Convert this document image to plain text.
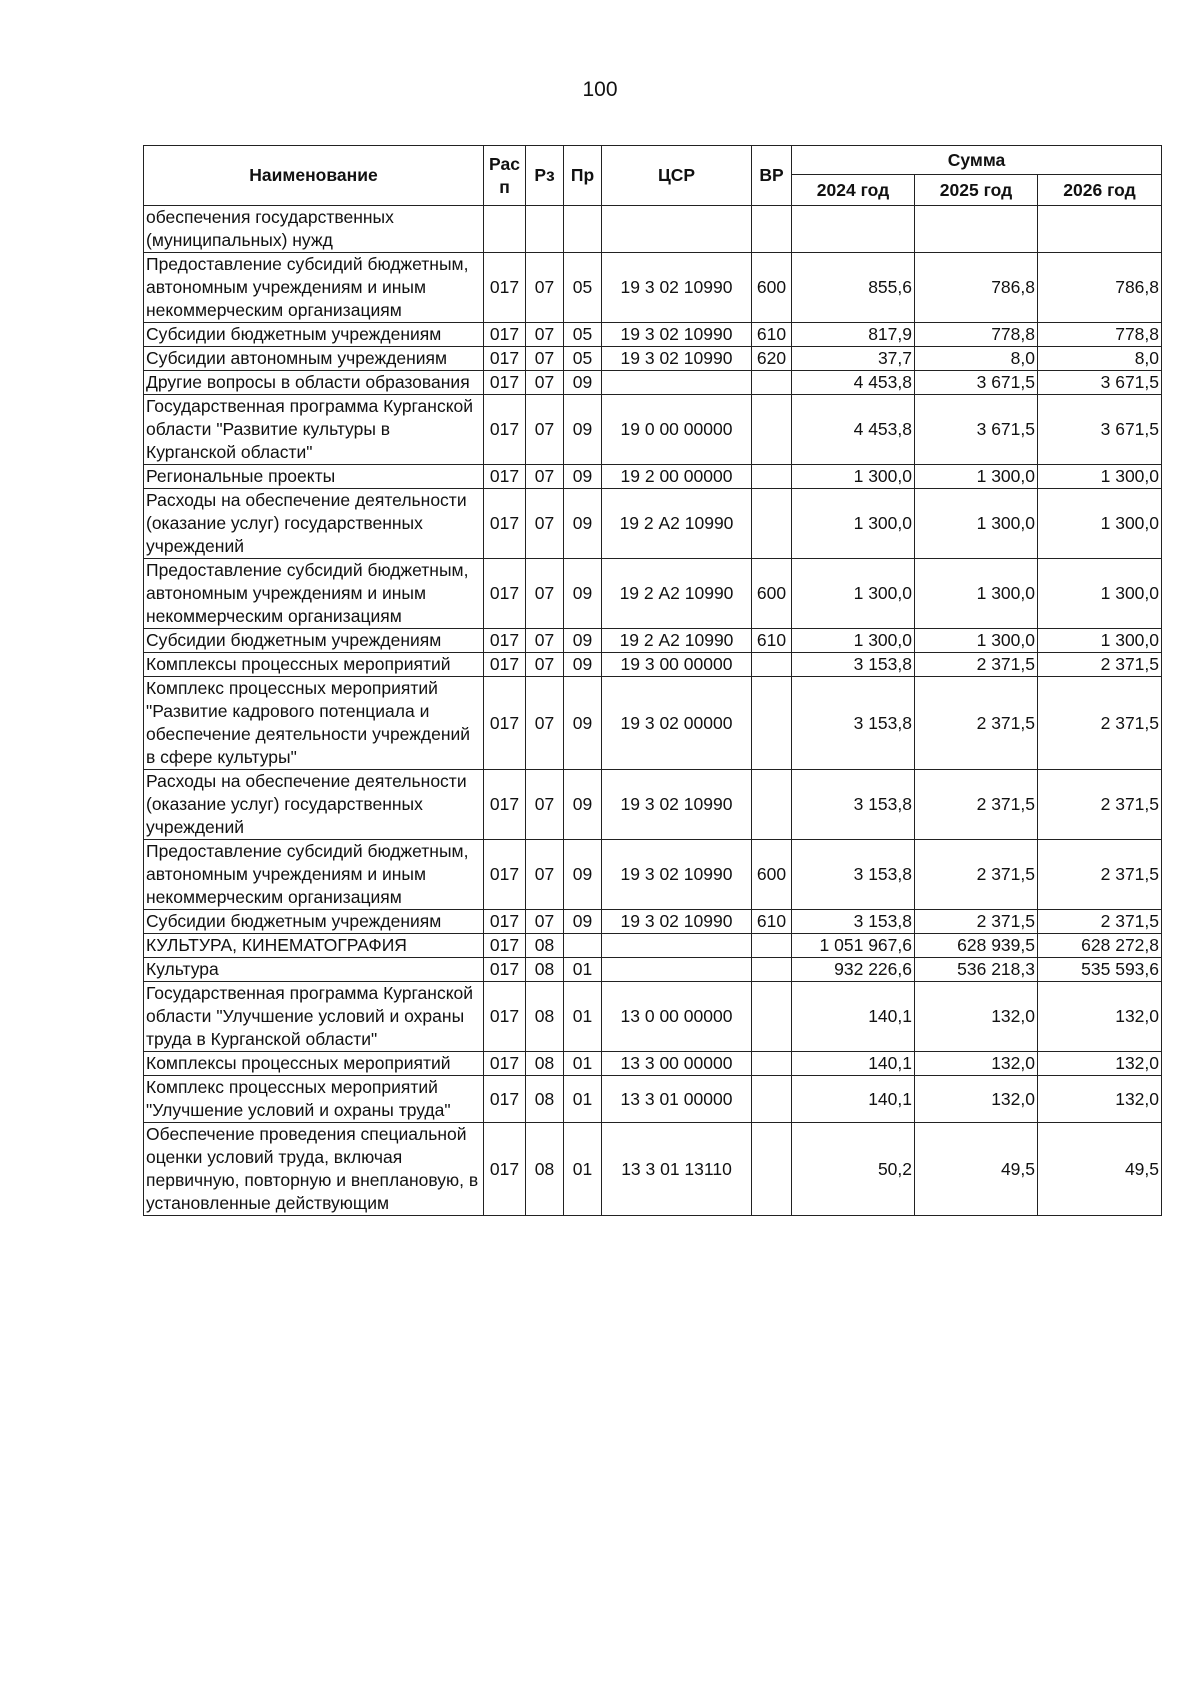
100
Наименование	Рас п	Рз	Пр	ЦСР	ВР	Сумма		
						2024 год	2025 год	2026 год
обеспечения государственных (муниципальных) нужд								
Предоставление субсидий бюджетным, автономным учреждениям и иным некоммерческим организациям	017	07	05	19 3 02 10990	600	855,6	786,8	786,8
Субсидии бюджетным учреждениям	017	07	05	19 3 02 10990	610	817,9	778,8	778,8
Субсидии автономным учреждениям	017	07	05	19 3 02 10990	620	37,7	8,0	8,0
Другие вопросы в области образования	017	07	09			4 453,8	3 671,5	3 671,5
Государственная программа Курганской области "Развитие культуры в Курганской области"	017	07	09	19 0 00 00000		4 453,8	3 671,5	3 671,5
Региональные проекты	017	07	09	19 2 00 00000		1 300,0	1 300,0	1 300,0
Расходы на обеспечение деятельности (оказание услуг) государственных учреждений	017	07	09	19 2 А2 10990		1 300,0	1 300,0	1 300,0
Предоставление субсидий бюджетным, автономным учреждениям и иным некоммерческим организациям	017	07	09	19 2 А2 10990	600	1 300,0	1 300,0	1 300,0
Субсидии бюджетным учреждениям	017	07	09	19 2 А2 10990	610	1 300,0	1 300,0	1 300,0
Комплексы процессных мероприятий	017	07	09	19 3 00 00000		3 153,8	2 371,5	2 371,5
Комплекс процессных мероприятий "Развитие кадрового потенциала и обеспечение деятельности учреждений в сфере культуры"	017	07	09	19 3 02 00000		3 153,8	2 371,5	2 371,5
Расходы на обеспечение деятельности (оказание услуг) государственных учреждений	017	07	09	19 3 02 10990		3 153,8	2 371,5	2 371,5
Предоставление субсидий бюджетным, автономным учреждениям и иным некоммерческим организациям	017	07	09	19 3 02 10990	600	3 153,8	2 371,5	2 371,5
Субсидии бюджетным учреждениям	017	07	09	19 3 02 10990	610	3 153,8	2 371,5	2 371,5
КУЛЬТУРА, КИНЕМАТОГРАФИЯ	017	08				1 051 967,6	628 939,5	628 272,8
Культура	017	08	01			932 226,6	536 218,3	535 593,6
Государственная программа Курганской области "Улучшение условий и охраны труда в Курганской области"	017	08	01	13 0 00 00000		140,1	132,0	132,0
Комплексы процессных мероприятий	017	08	01	13 3 00 00000		140,1	132,0	132,0
Комплекс процессных мероприятий "Улучшение условий и охраны труда"	017	08	01	13 3 01 00000		140,1	132,0	132,0
Обеспечение проведения специальной оценки условий труда, включая первичную, повторную и внеплановую, в установленные действующим	017	08	01	13 3 01 13110		50,2	49,5	49,5
